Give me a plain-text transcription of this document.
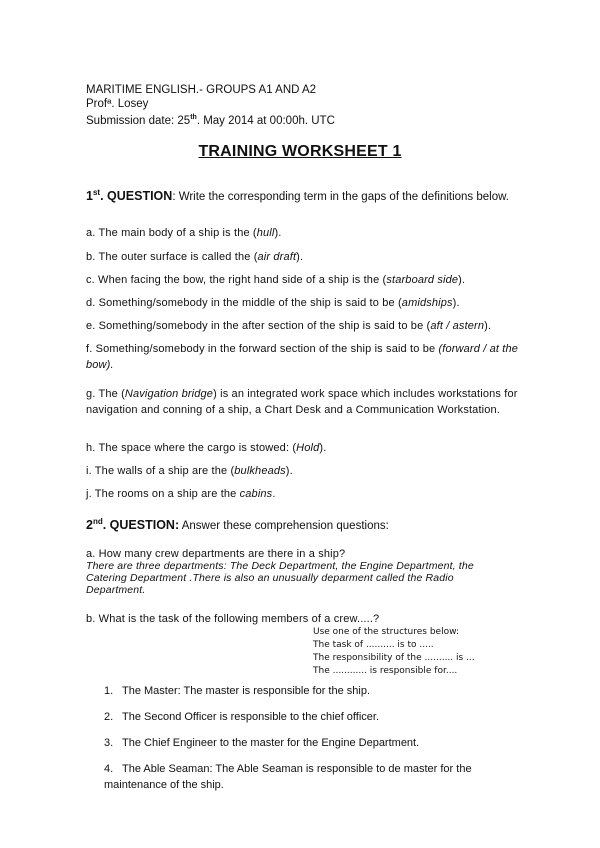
MARITIME ENGLISH.- GROUPS A1 AND A2
Profª. Losey
Submission date: 25th. May 2014 at 00:00h. UTC
TRAINING WORKSHEET 1
1st. QUESTION: Write the corresponding term in the gaps of the definitions below.
a. The main body of a ship is the (hull).
b. The outer surface is called the (air draft).
c. When facing the bow, the right hand side of a ship is the (starboard side).
d. Something/somebody in the middle of the ship is said to be (amidships).
e. Something/somebody in the after section of the ship is said to be (aft / astern).
f. Something/somebody in the forward section of the ship is said to be (forward / at the bow).
g. The (Navigation bridge) is an integrated work space which includes workstations for navigation and conning of a ship, a Chart Desk and a Communication Workstation.
h. The space where the cargo is stowed: (Hold).
i. The walls of a ship are the (bulkheads).
j. The rooms on a ship are the cabins.
2nd. QUESTION: Answer these comprehension questions:
a. How many crew departments are there in a ship?
There are three departments: The Deck Department, the Engine Department, the Catering Department .There is also an unusually deparment called the Radio Department.
b. What is the task of the following members of a crew.....?
Use one of the structures below:
The task of .......... is to .....
The responsibility of the .......... is ...
The ............ is responsible for....
1. The Master: The master is responsible for the ship.
2. The Second Officer is responsible to the chief officer.
3. The Chief Engineer to the master for the Engine Department.
4. The Able Seaman: The Able Seaman is responsible to de master for the maintenance of the ship.
